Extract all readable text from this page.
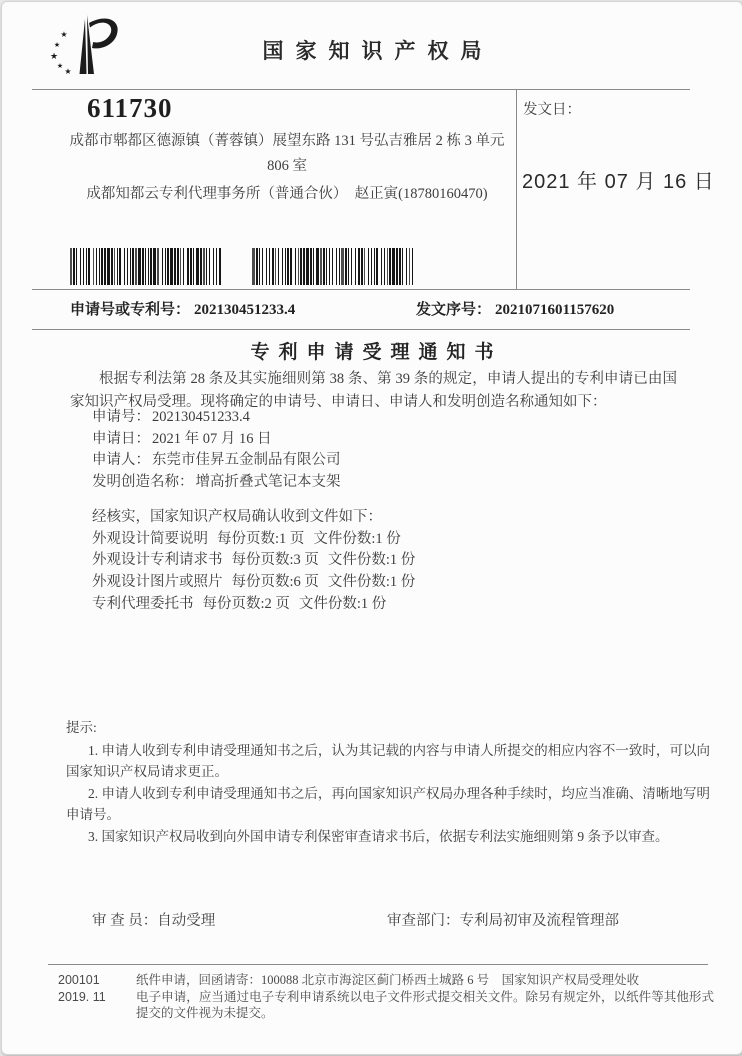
★
★
★
★
★
国家知识产权局
611730
成都市郫都区德源镇（菁蓉镇）展望东路 131 号弘吉雅居 2 栋 3 单元
806 室
成都知都云专利代理事务所（普通合伙）　赵正寅(18780160470)
发文日：
2021 年 07 月 16 日
申请号或专利号： 202130451233.4	发文序号： 2021071601157620
专利申请受理通知书
根据专利法第 28 条及其实施细则第 38 条、第 39 条的规定，申请人提出的专利申请已由国家知识产权局受理。现将确定的申请号、申请日、申请人和发明创造名称通知如下：
申请号： 202130451233.4
申请日： 2021 年 07 月 16 日
申请人： 东莞市佳昇五金制品有限公司
发明创造名称： 增高折叠式笔记本支架
经核实，国家知识产权局确认收到文件如下：
外观设计简要说明 每份页数:1 页 文件份数:1 份
外观设计专利请求书 每份页数:3 页 文件份数:1 份
外观设计图片或照片 每份页数:6 页 文件份数:1 份
专利代理委托书 每份页数:2 页 文件份数:1 份

提示:

1. 申请人收到专利申请受理通知书之后，认为其记载的内容与申请人所提交的相应内容不一致时，可以向国家知识产权局请求更正。

2. 申请人收到专利申请受理通知书之后，再向国家知识产权局办理各种手续时，均应当准确、清晰地写明申请号。

3. 国家知识产权局收到向外国申请专利保密审查请求书后，依据专利法实施细则第 9 条予以审查。

审 查 员：自动受理	审查部门：专利局初审及流程管理部
200101	纸件申请，回函请寄：100088 北京市海淀区蓟门桥西土城路 6 号　国家知识产权局受理处收
2019. 11	电子申请，应当通过电子专利申请系统以电子文件形式提交相关文件。除另有规定外，以纸件等其他形式提交的文件视为未提交。
